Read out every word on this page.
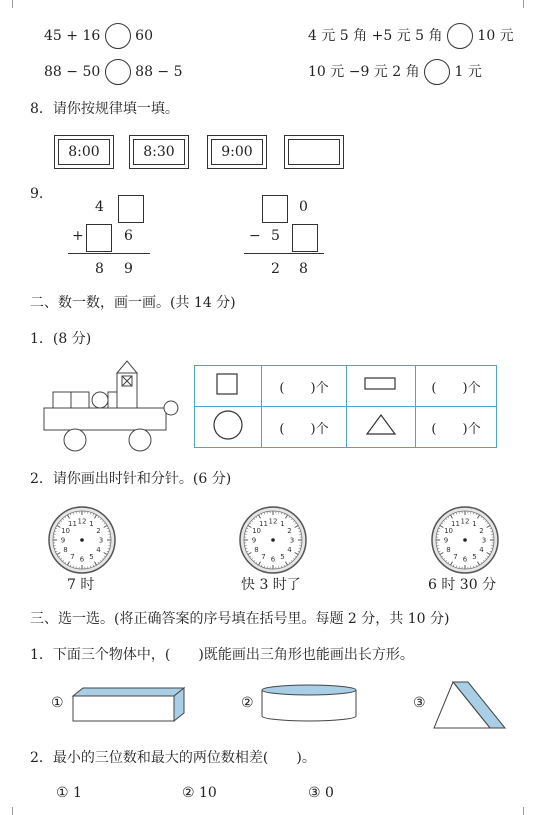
45 + 16 60	4 元 5 角 +5 元 5 角 10 元
88 − 50 88 − 5	10 元 −9 元 2 角 1 元
8．请你按规律填一填。
8:00	8:30	9:00
9.
4
+	6
8 9
0
− 5
2 8
二、数一数，画一画。(共 14 分)
1．(8 分)
	(　　)个		(　　)个
	(　　)个		(　　)个
2．请你画出时针和分针。(6 分)
1
2
3
4
5
6
7
8
9
10
11 12	1
2
3
4
5
6
7
8
9
10
11 12	1
2
3
4
5
6
7
8
9
10
11 12
7 时	快 3 时了	6 时 30 分
三、选一选。(将正确答案的序号填在括号里。每题 2 分，共 10 分)
1．下面三个物体中，(　　)既能画出三角形也能画出长方形。
①	②	③
2．最小的三位数和最大的两位数相差(　　)。
① 1	② 10	③ 0
